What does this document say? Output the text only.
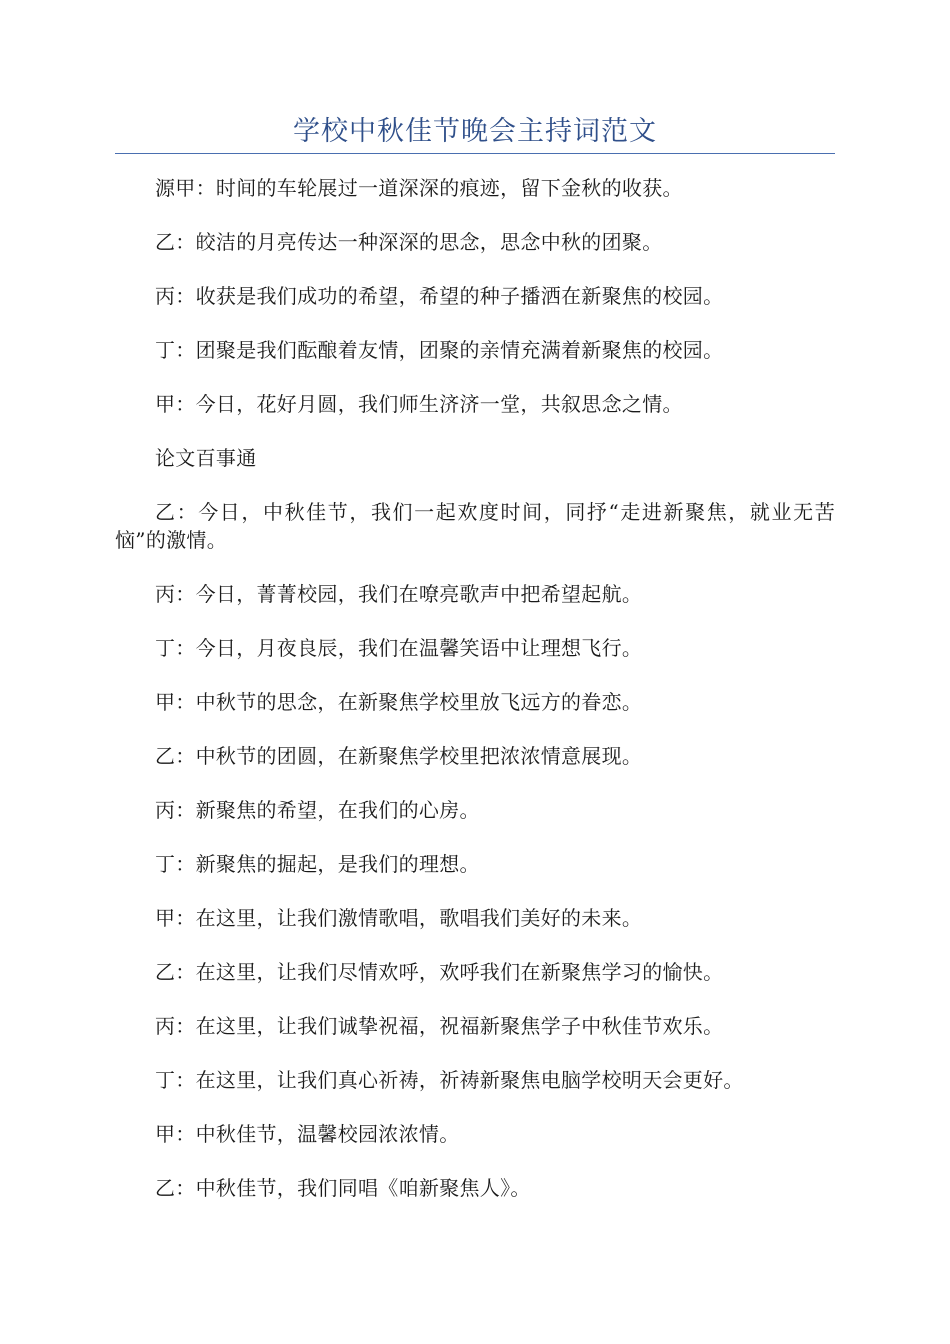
学校中秋佳节晚会主持词范文

源甲：时间的车轮展过一道深深的痕迹，留下金秋的收获。

乙：皎洁的月亮传达一种深深的思念，思念中秋的团聚。

丙：收获是我们成功的希望，希望的种子播洒在新聚焦的校园。

丁：团聚是我们酝酿着友情，团聚的亲情充满着新聚焦的校园。

甲：今日，花好月圆，我们师生济济一堂，共叙思念之情。

论文百事通

乙：今日，中秋佳节，我们一起欢度时间，同抒“走进新聚焦，就业无苦恼”的激情。

丙：今日，菁菁校园，我们在嘹亮歌声中把希望起航。

丁：今日，月夜良辰，我们在温馨笑语中让理想飞行。

甲：中秋节的思念，在新聚焦学校里放飞远方的眷恋。

乙：中秋节的团圆，在新聚焦学校里把浓浓情意展现。

丙：新聚焦的希望，在我们的心房。

丁：新聚焦的掘起，是我们的理想。

甲：在这里，让我们激情歌唱，歌唱我们美好的未来。

乙：在这里，让我们尽情欢呼，欢呼我们在新聚焦学习的愉快。

丙：在这里，让我们诚挚祝福，祝福新聚焦学子中秋佳节欢乐。

丁：在这里，让我们真心祈祷，祈祷新聚焦电脑学校明天会更好。

甲：中秋佳节，温馨校园浓浓情。

乙：中秋佳节，我们同唱《咱新聚焦人》。
